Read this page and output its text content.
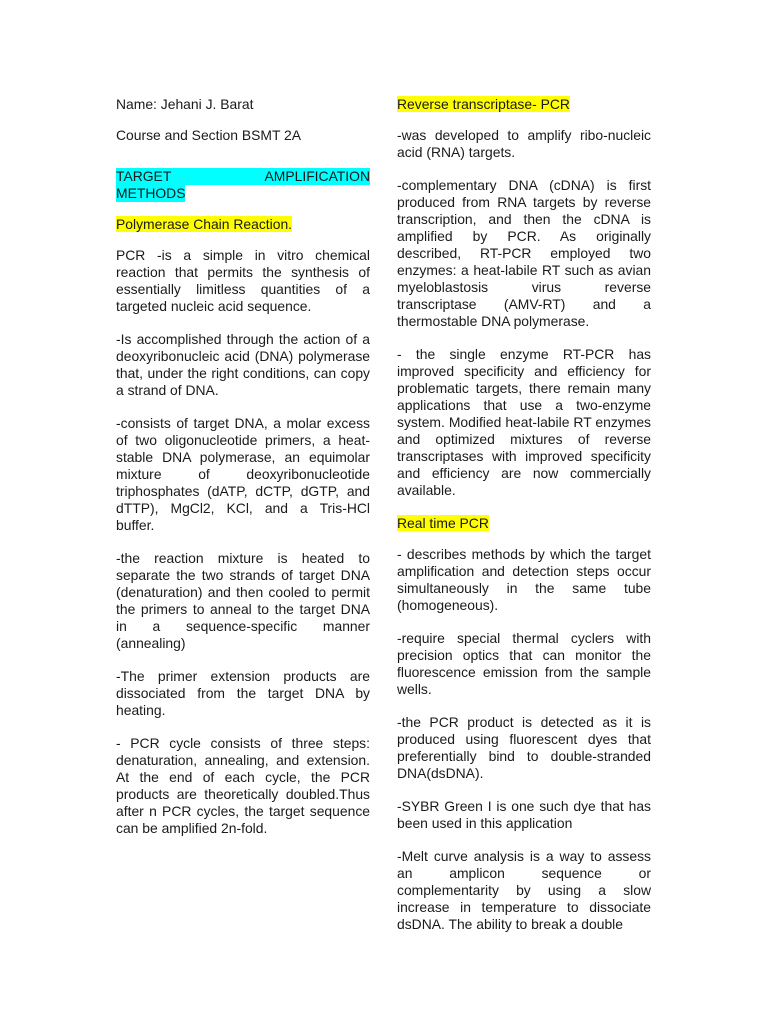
Name: Jehani J. Barat
Course and Section BSMT 2A
TARGET	AMPLIFICATION
METHODS
Polymerase Chain Reaction.
PCR -is a simple in vitro chemical reaction that permits the synthesis of essentially limitless quantities of a targeted nucleic acid sequence.
-Is accomplished through the action of a deoxyribonucleic acid (DNA) polymerase that, under the right conditions, can copy a strand of DNA.
-consists of target DNA, a molar excess of two oligonucleotide primers, a heat-stable DNA polymerase, an equimolar mixture of deoxyribonucleotide triphosphates (dATP, dCTP, dGTP, and dTTP), MgCl2, KCl, and a Tris-HCl buffer.
-the reaction mixture is heated to separate the two strands of target DNA (denaturation) and then cooled to permit the primers to anneal to the target DNA in a sequence-specific manner (annealing)
-The primer extension products are dissociated from the target DNA by heating.
- PCR cycle consists of three steps: denaturation, annealing, and extension. At the end of each cycle, the PCR products are theoretically doubled.Thus after n PCR cycles, the target sequence can be amplified 2n-fold.
Reverse transcriptase- PCR
-was developed to amplify ribo-nucleic acid (RNA) targets.
-complementary DNA (cDNA) is first produced from RNA targets by reverse transcription, and then the cDNA is amplified by PCR. As originally described, RT-PCR employed two enzymes: a heat-labile RT such as avian myeloblastosis virus reverse transcriptase (AMV-RT) and a thermostable DNA polymerase.
- the single enzyme RT-PCR has improved specificity and efficiency for problematic targets, there remain many applications that use a two-enzyme system. Modified heat-labile RT enzymes and optimized mixtures of reverse transcriptases with improved specificity and efficiency are now commercially available.
Real time PCR
- describes methods by which the target amplification and detection steps occur simultaneously in the same tube (homogeneous).
-require special thermal cyclers with precision optics that can monitor the fluorescence emission from the sample wells.
-the PCR product is detected as it is produced using fluorescent dyes that preferentially bind to double-stranded DNA(dsDNA).
-SYBR Green I is one such dye that has been used in this application
-Melt curve analysis is a way to assess an amplicon sequence or complementarity by using a slow increase in temperature to dissociate dsDNA. The ability to break a double
